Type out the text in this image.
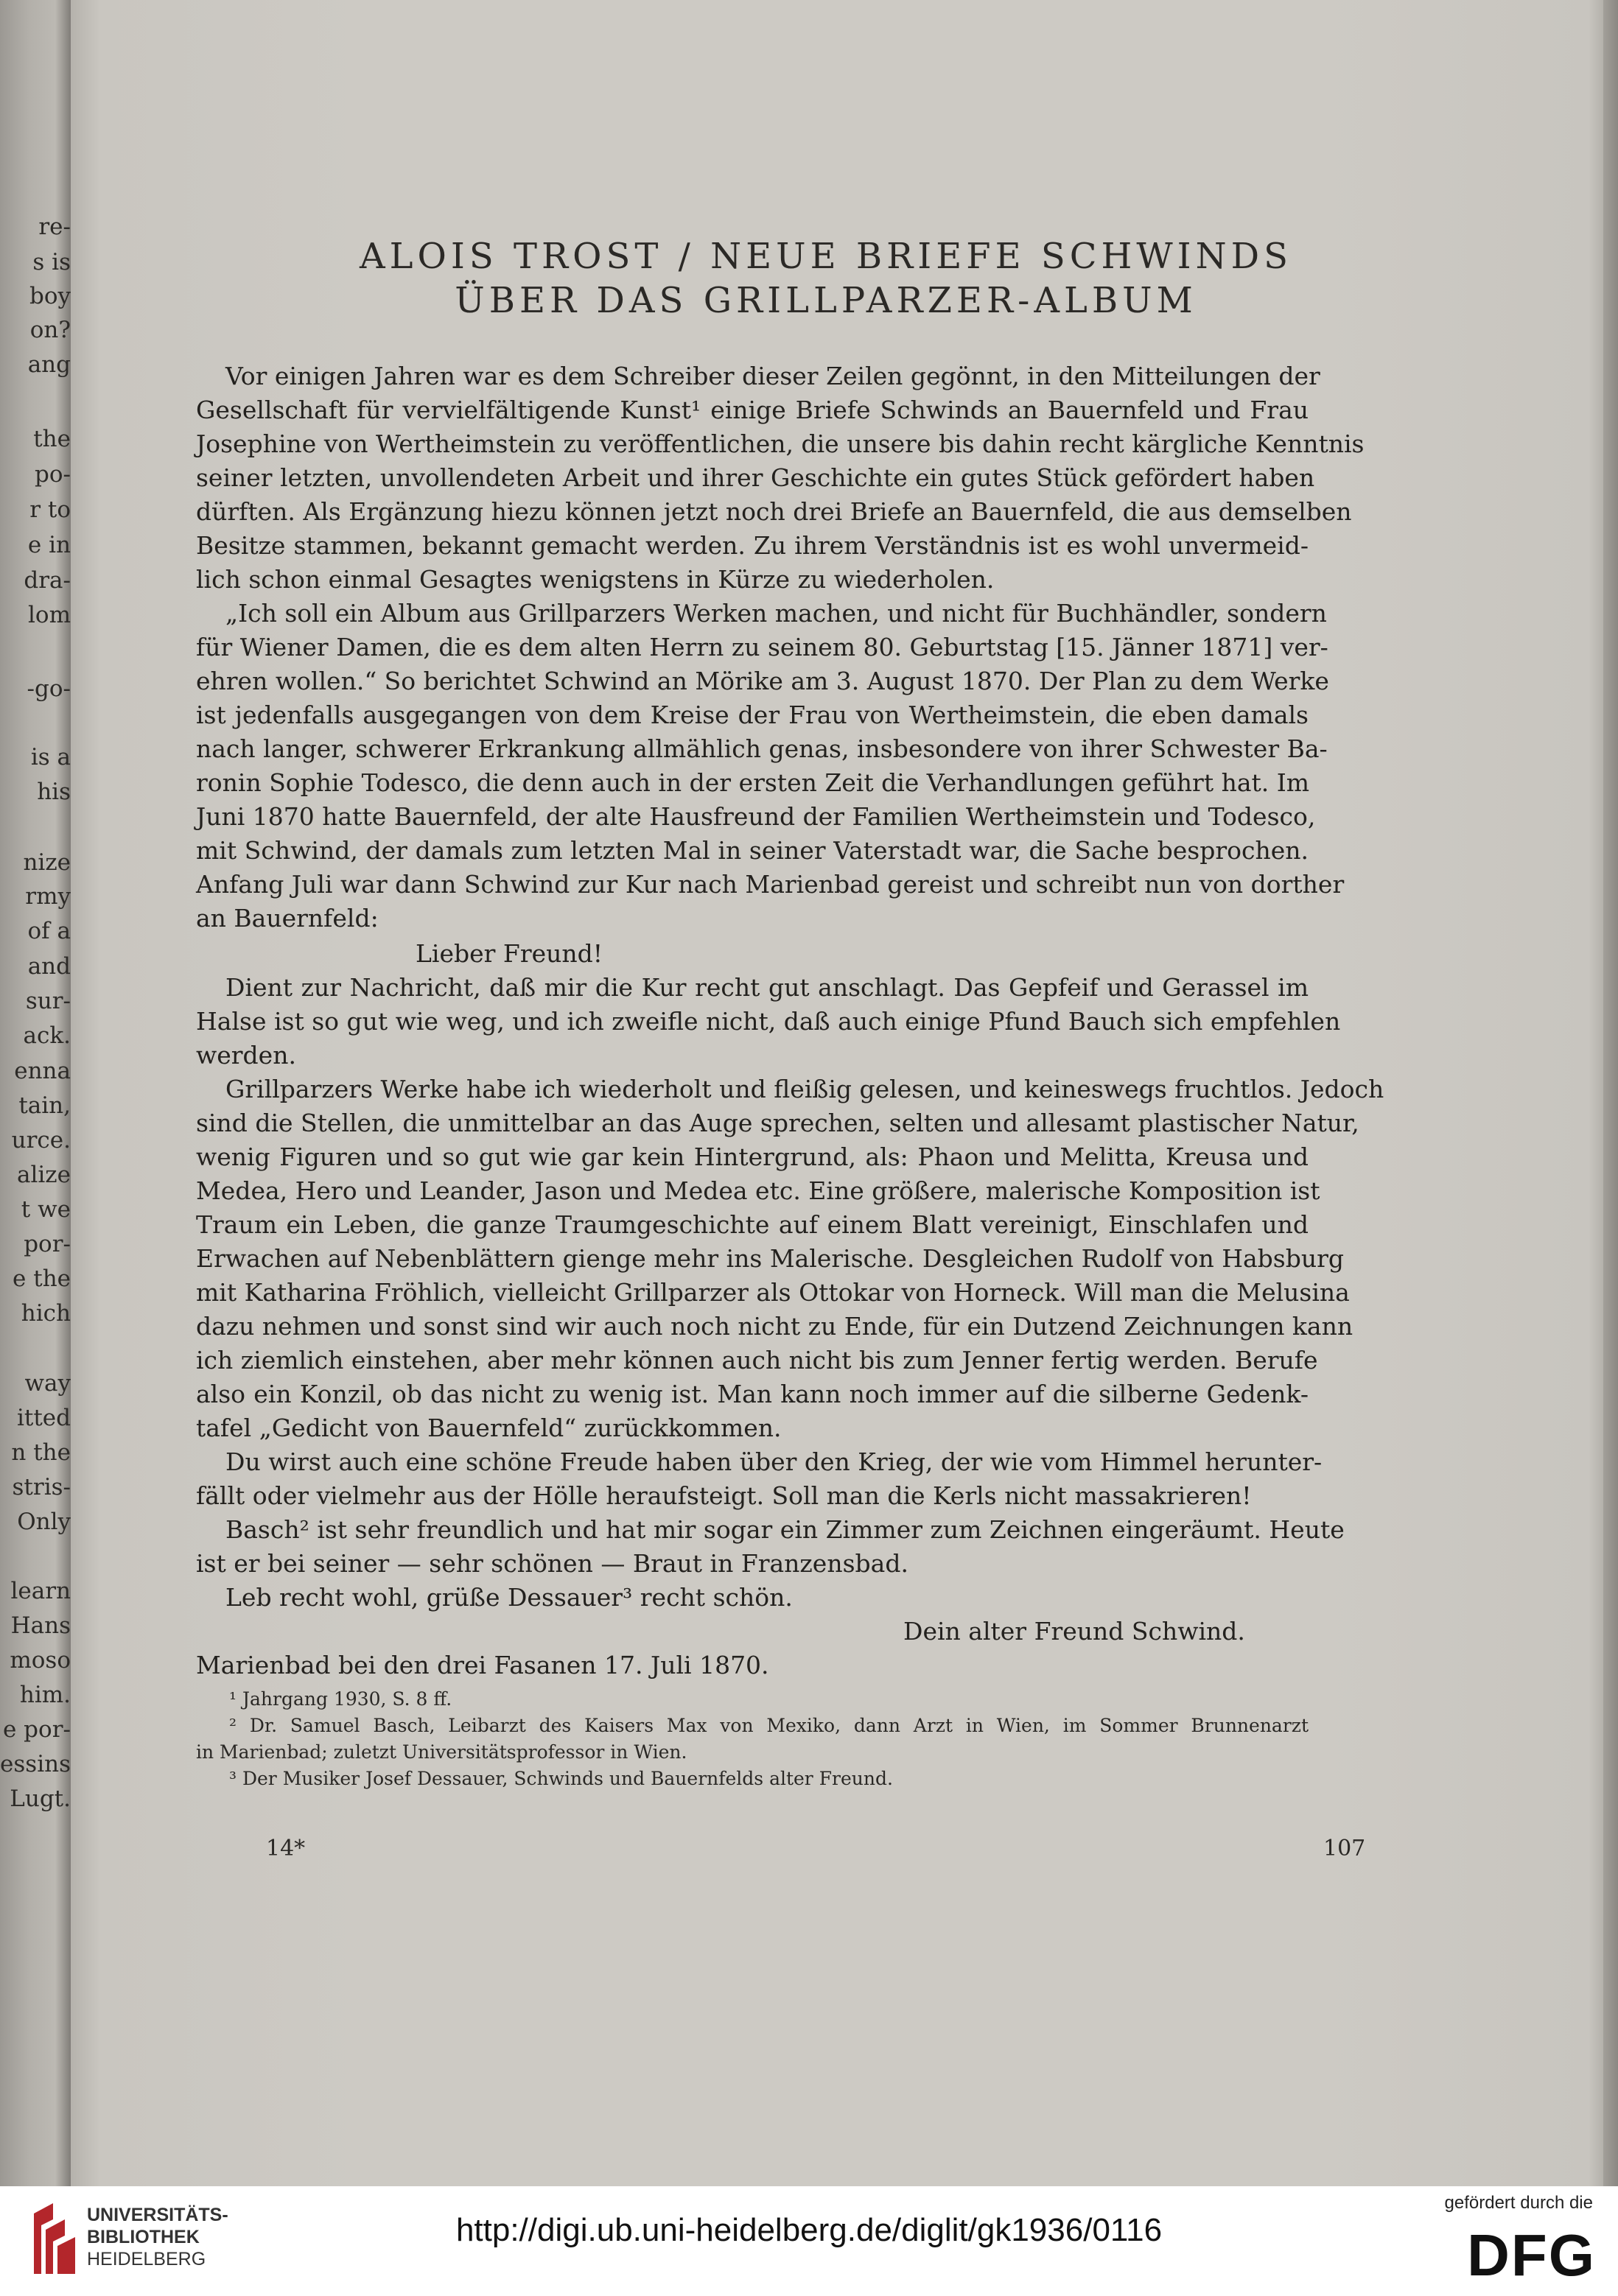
re-
s is
boy
on?
ang
the
po-
r to
e in
dra-
lom
-go-
is a
his
nize
rmy
of a
and
sur-
ack.
enna
tain,
urce.
alize
t we
por-
e the
hich
way
itted
n the
stris-
Only
learn
Hans
moso
him.
e por-
essins
Lugt.
ALOIS TROST / NEUE BRIEFE SCHWINDS
ÜBER DAS GRILLPARZER-ALBUM
Vor einigen Jahren war es dem Schreiber dieser Zeilen gegönnt, in den Mitteilungen der
Gesellschaft für vervielfältigende Kunst¹ einige Briefe Schwinds an Bauernfeld und Frau
Josephine von Wertheimstein zu veröffentlichen, die unsere bis dahin recht kärgliche Kenntnis
seiner letzten, unvollendeten Arbeit und ihrer Geschichte ein gutes Stück gefördert haben
dürften. Als Ergänzung hiezu können jetzt noch drei Briefe an Bauernfeld, die aus demselben
Besitze stammen, bekannt gemacht werden. Zu ihrem Verständnis ist es wohl unvermeid-
lich schon einmal Gesagtes wenigstens in Kürze zu wiederholen.
„Ich soll ein Album aus Grillparzers Werken machen, und nicht für Buchhändler, sondern
für Wiener Damen, die es dem alten Herrn zu seinem 80. Geburtstag [15. Jänner 1871] ver-
ehren wollen.“ So berichtet Schwind an Mörike am 3. August 1870. Der Plan zu dem Werke
ist jedenfalls ausgegangen von dem Kreise der Frau von Wertheimstein, die eben damals
nach langer, schwerer Erkrankung allmählich genas, insbesondere von ihrer Schwester Ba-
ronin Sophie Todesco, die denn auch in der ersten Zeit die Verhandlungen geführt hat. Im
Juni 1870 hatte Bauernfeld, der alte Hausfreund der Familien Wertheimstein und Todesco,
mit Schwind, der damals zum letzten Mal in seiner Vaterstadt war, die Sache besprochen.
Anfang Juli war dann Schwind zur Kur nach Marienbad gereist und schreibt nun von dorther
an Bauernfeld:
Lieber Freund!
Dient zur Nachricht, daß mir die Kur recht gut anschlagt. Das Gepfeif und Gerassel im
Halse ist so gut wie weg, und ich zweifle nicht, daß auch einige Pfund Bauch sich empfehlen
werden.
Grillparzers Werke habe ich wiederholt und fleißig gelesen, und keineswegs fruchtlos. Jedoch
sind die Stellen, die unmittelbar an das Auge sprechen, selten und allesamt plastischer Natur,
wenig Figuren und so gut wie gar kein Hintergrund, als: Phaon und Melitta, Kreusa und
Medea, Hero und Leander, Jason und Medea etc. Eine größere, malerische Komposition ist
Traum ein Leben, die ganze Traumgeschichte auf einem Blatt vereinigt, Einschlafen und
Erwachen auf Nebenblättern gienge mehr ins Malerische. Desgleichen Rudolf von Habsburg
mit Katharina Fröhlich, vielleicht Grillparzer als Ottokar von Horneck. Will man die Melusina
dazu nehmen und sonst sind wir auch noch nicht zu Ende, für ein Dutzend Zeichnungen kann
ich ziemlich einstehen, aber mehr können auch nicht bis zum Jenner fertig werden. Berufe
also ein Konzil, ob das nicht zu wenig ist. Man kann noch immer auf die silberne Gedenk-
tafel „Gedicht von Bauernfeld“ zurückkommen.
Du wirst auch eine schöne Freude haben über den Krieg, der wie vom Himmel herunter-
fällt oder vielmehr aus der Hölle heraufsteigt. Soll man die Kerls nicht massakrieren!
Basch² ist sehr freundlich und hat mir sogar ein Zimmer zum Zeichnen eingeräumt. Heute
ist er bei seiner — sehr schönen — Braut in Franzensbad.
Leb recht wohl, grüße Dessauer³ recht schön.
Dein alter Freund Schwind.
Marienbad bei den drei Fasanen 17. Juli 1870.
¹ Jahrgang 1930, S. 8 ff.
² Dr. Samuel Basch, Leibarzt des Kaisers Max von Mexiko, dann Arzt in Wien, im Sommer Brunnenarzt
in Marienbad; zuletzt Universitätsprofessor in Wien.
³ Der Musiker Josef Dessauer, Schwinds und Bauernfelds alter Freund.
14*	107
UNIVERSITÄTS-
BIBLIOTHEK
HEIDELBERG
http://digi.ub.uni-heidelberg.de/diglit/gk1936/0116
gefördert durch die
DFG
